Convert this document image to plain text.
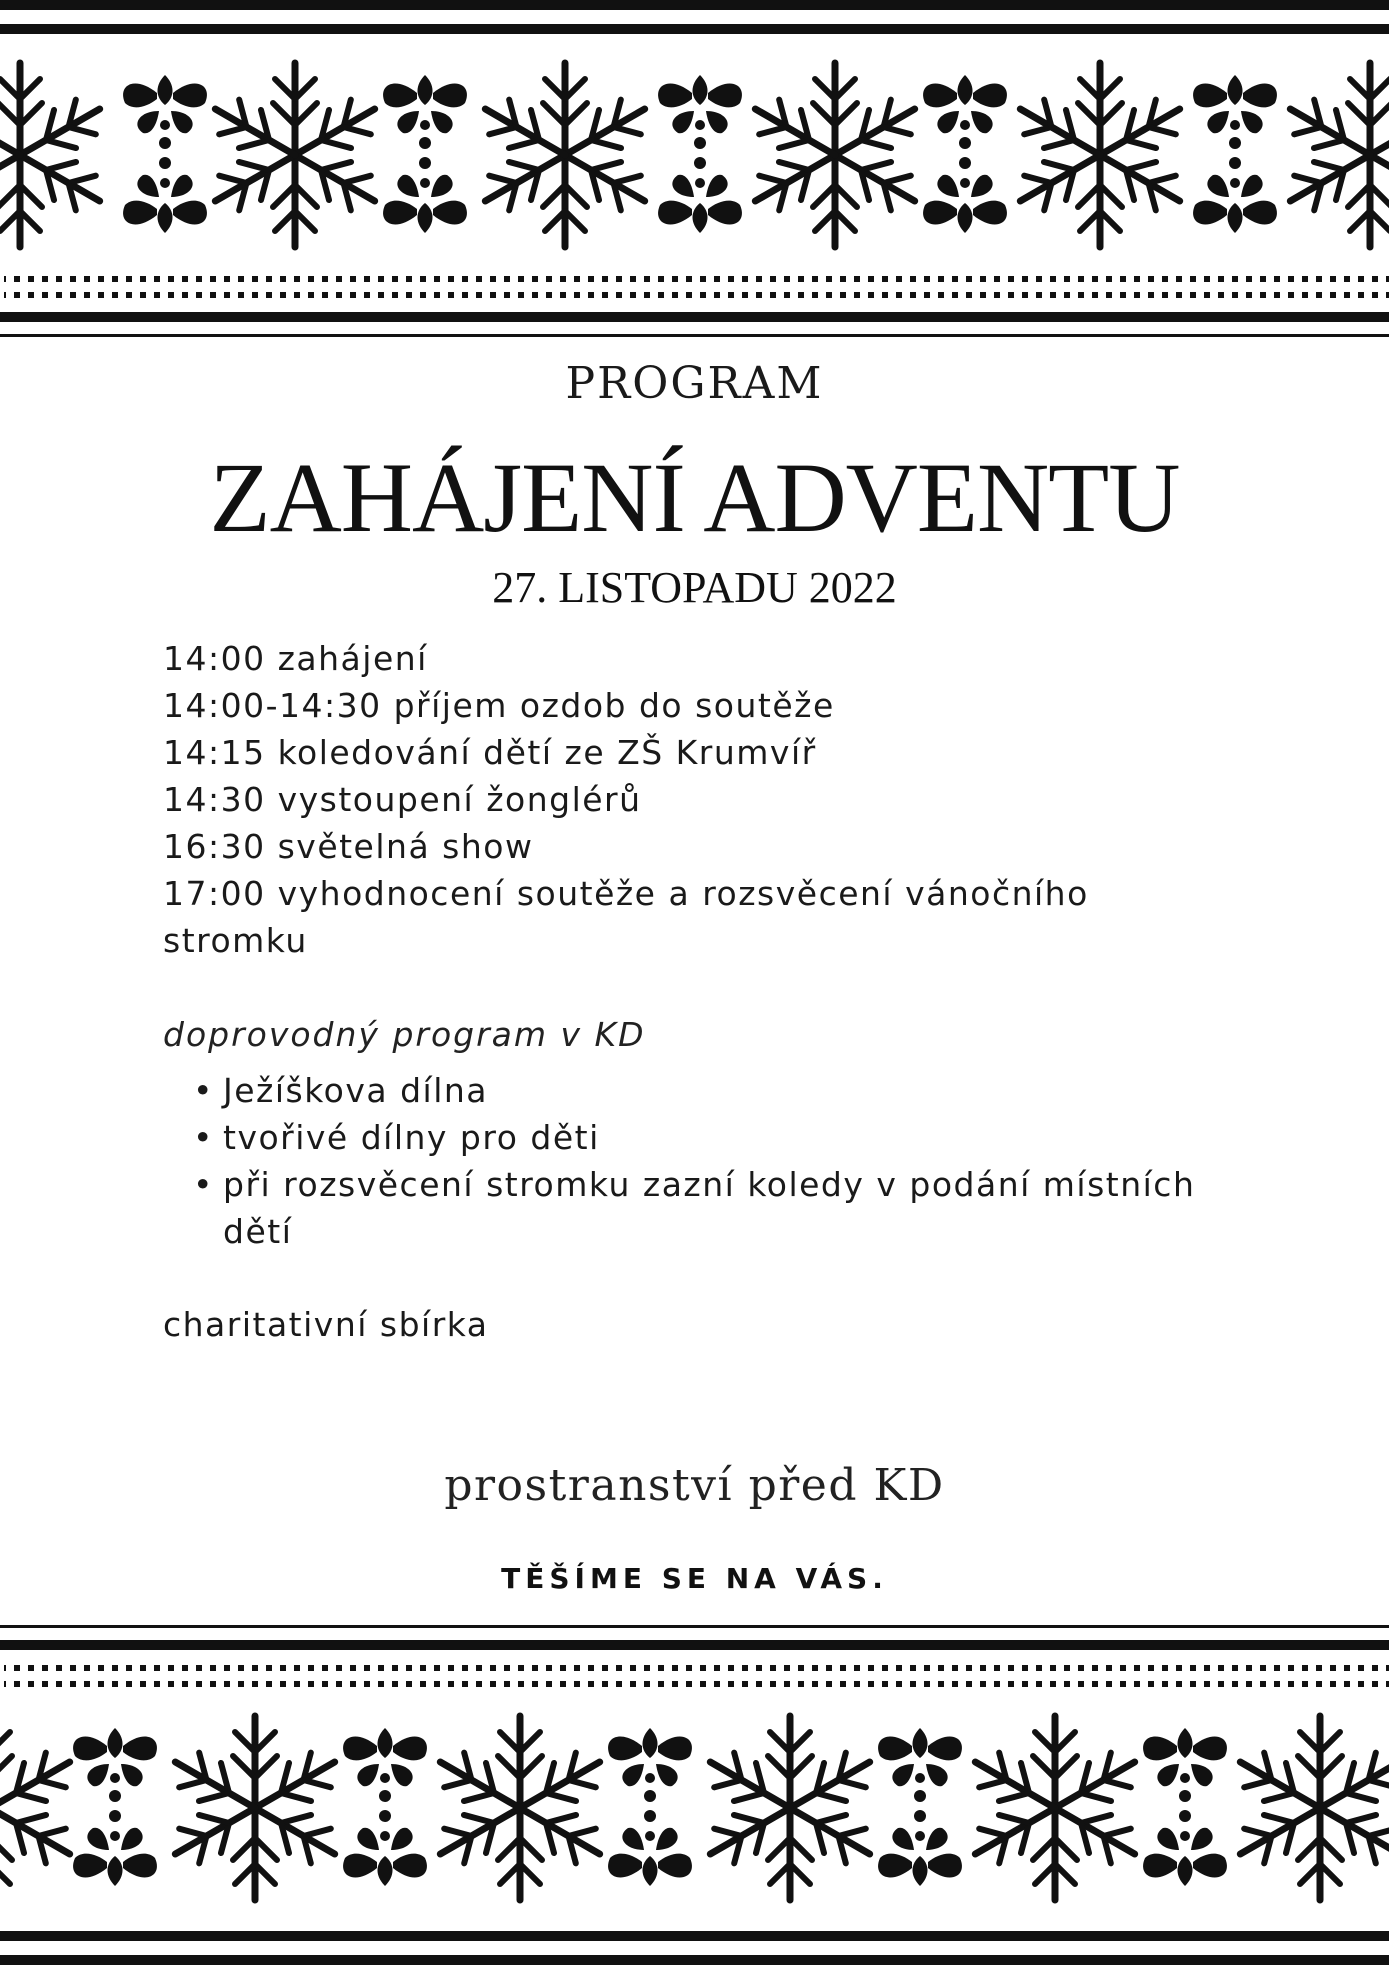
PROGRAM
ZAHÁJENÍ ADVENTU
27. LISTOPADU 2022
14:00 zahájení
14:00-14:30 příjem ozdob do soutěže
14:15 koledování dětí ze ZŠ Krumvíř
14:30 vystoupení žonglérů
16:30 světelná show
17:00 vyhodnocení soutěže a rozsvěcení vánočního stromku
doprovodný program v KD
• Ježíškova dílna
• tvořivé dílny pro děti
• při rozsvěcení stromku zazní koledy v podání místních dětí
charitativní sbírka
prostranství před KD
TĚŠÍME SE NA VÁS.
